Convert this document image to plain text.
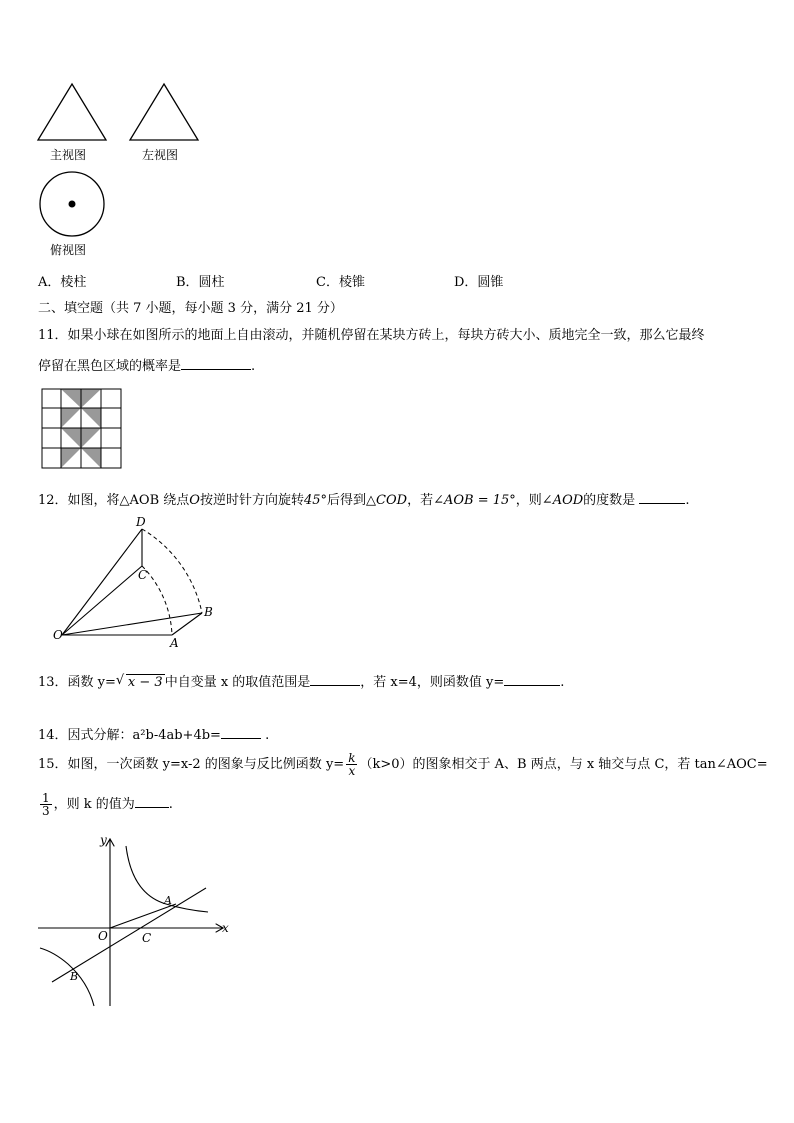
主视图	左视图
俯视图
A．棱柱	B．圆柱	C．棱锥	D．圆锥
二、填空题（共 7 小题，每小题 3 分，满分 21 分）
11．如果小球在如图所示的地面上自由滚动，并随机停留在某块方砖上，每块方砖大小、质地完全一致，那么它最终
停留在黑色区域的概率是	.
12．如图，将△AOB 绕点O按逆时针方向旋转45°后得到△COD，若∠AOB = 15°，则∠AOD的度数是	.
D
C
B
A
O
13．函数 y= √ x − 3 中自变量 x 的取值范围是	，若 x=4，则函数值 y=	.
14．因式分解：a²b-4ab+4b=	.
15．如图，一次函数 y=x-2 的图象与反比例函数 $y= \frac{k}{x} (k>0)$的图象相交于 A、B 两点，与 x 轴交与点 C，若 tan∠AOC=
$\frac{1}{3}$ ，则 k 的值为	.
y
x
O
A
C
B
